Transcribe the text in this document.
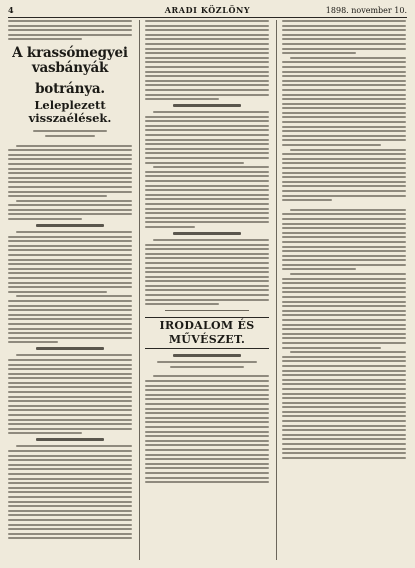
4	ARADI KÖZLÖNY	1898. november 10.
A krassómegyei vasbányák
botránya.
Leleplezett visszaélések.
IRODALOM ÉS MŰVÉSZET.
